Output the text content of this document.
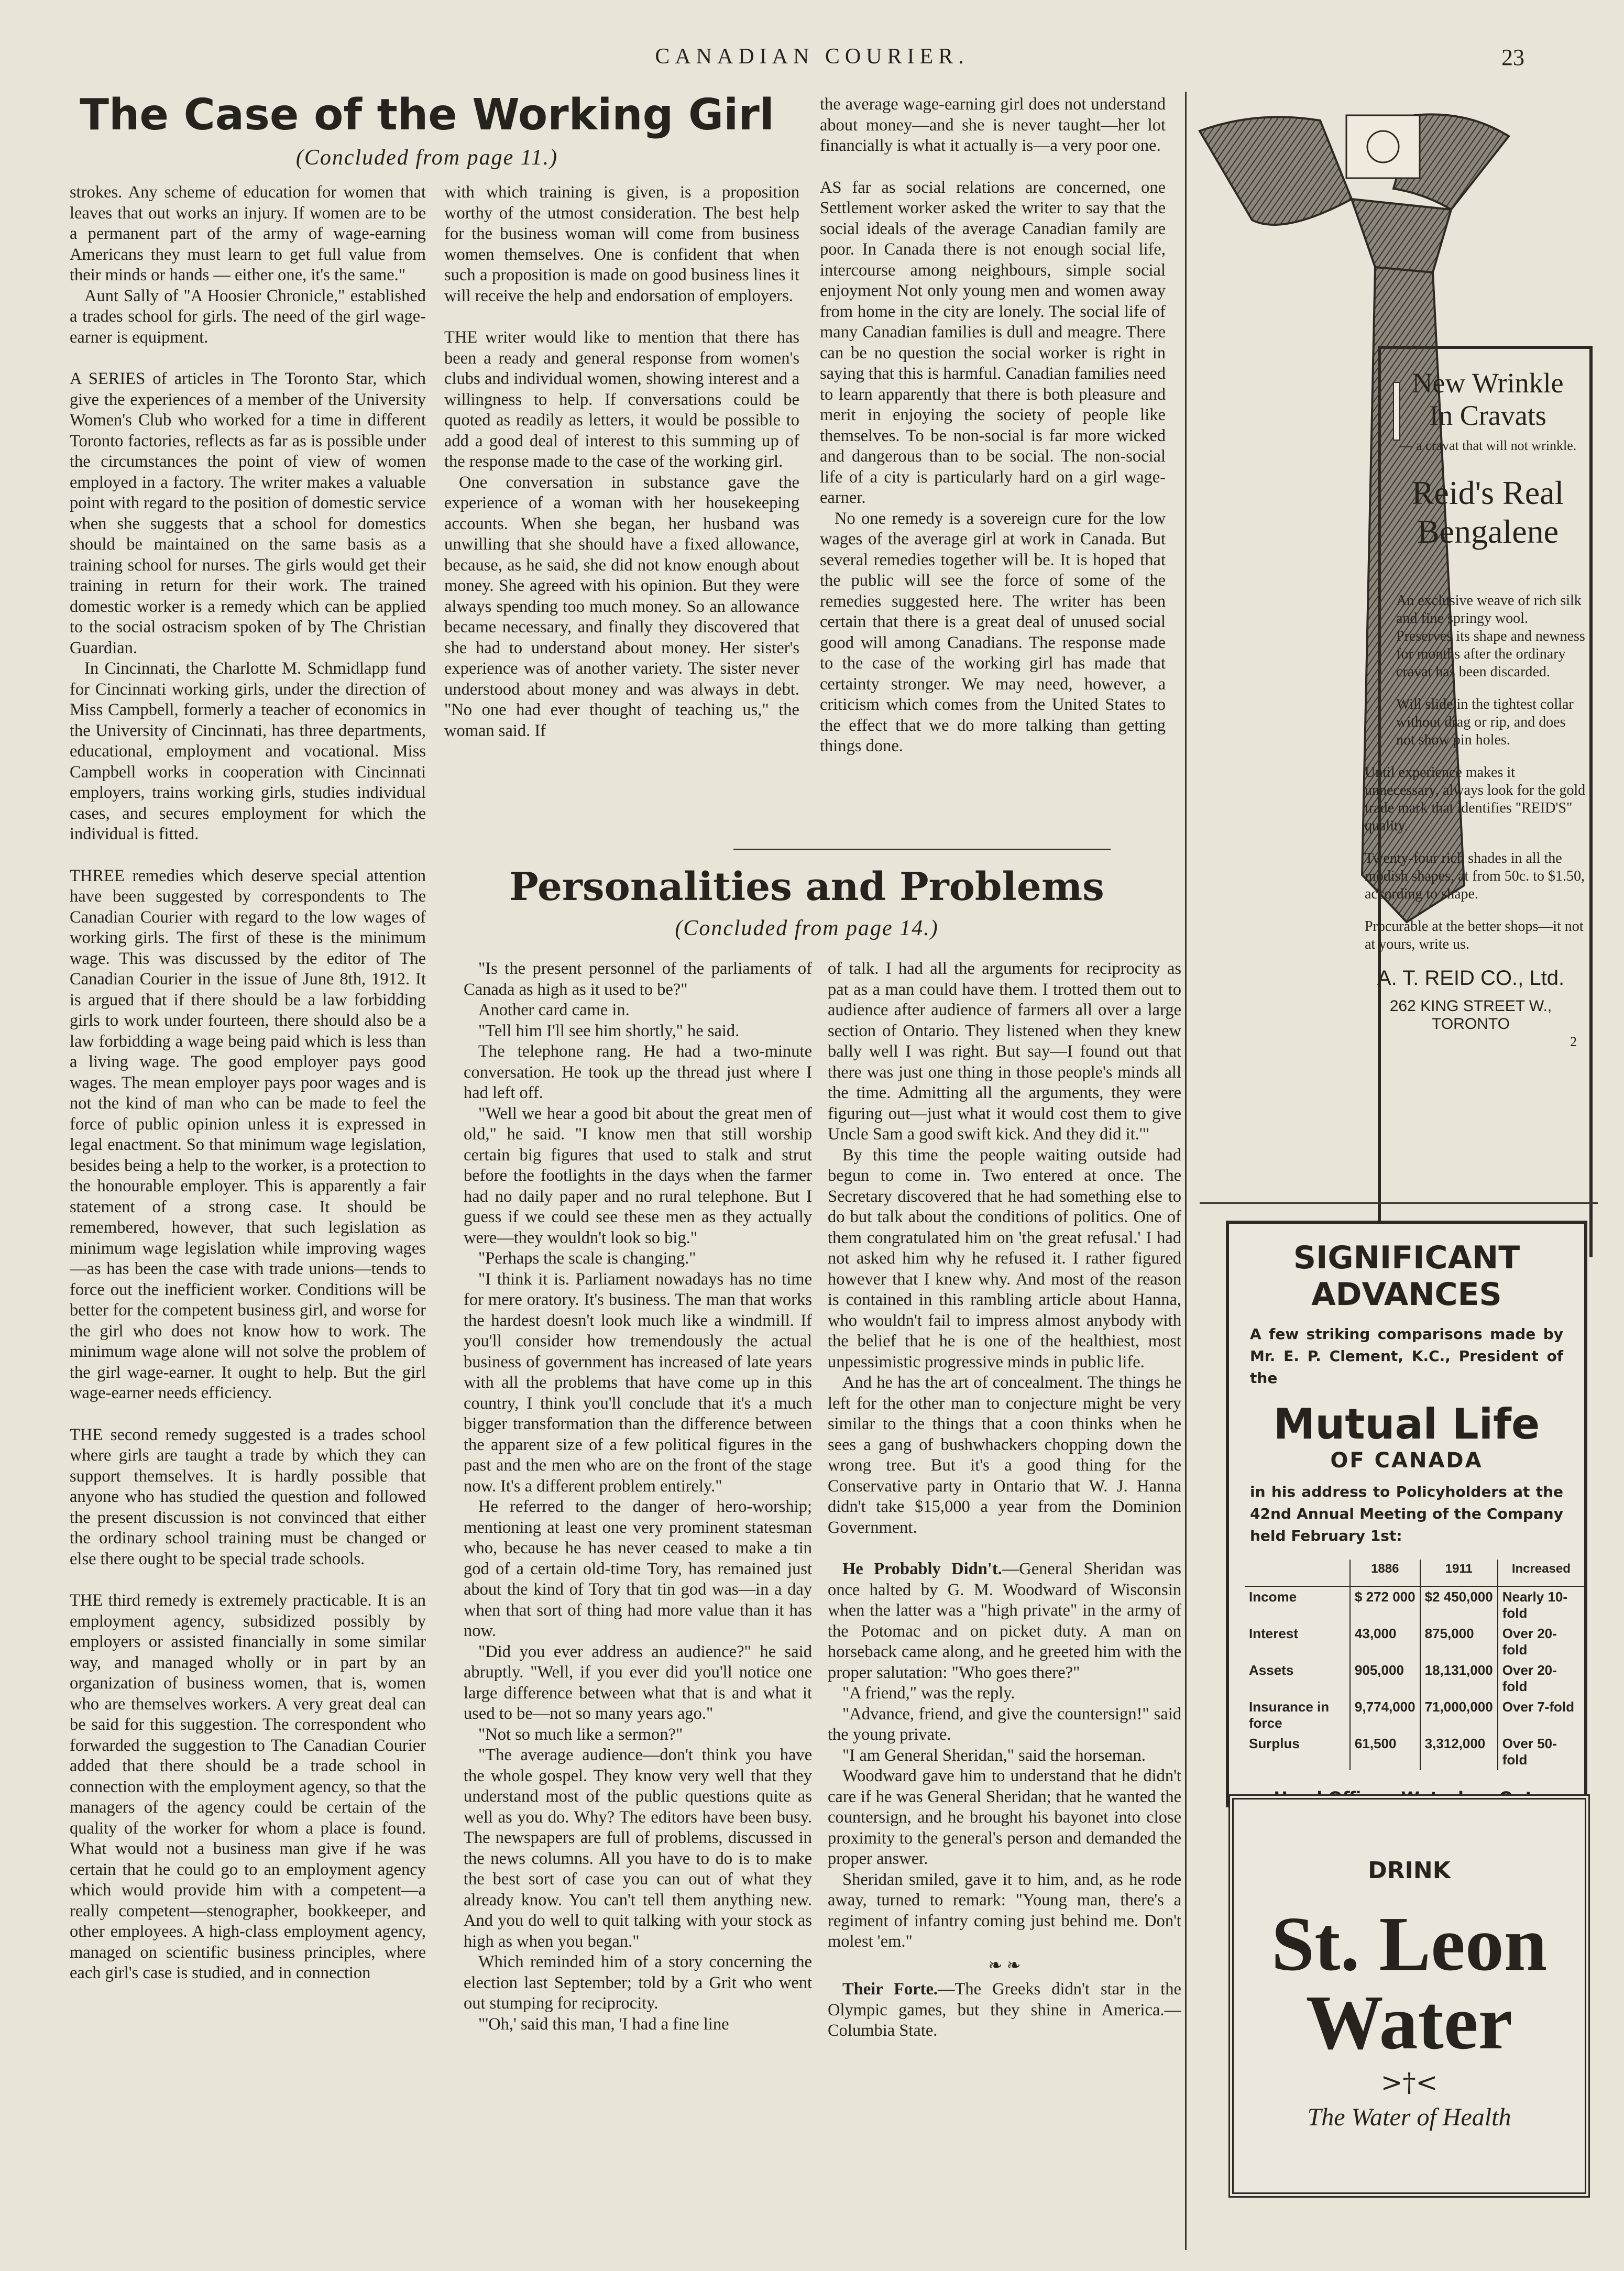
CANADIAN COURIER.	23
The Case of the Working Girl
(Concluded from page 11.)

strokes. Any scheme of education for women that leaves that out works an injury. If women are to be a permanent part of the army of wage-earning Americans they must learn to get full value from their minds or hands — either one, it's the same."

Aunt Sally of "A Hoosier Chronicle," established a trades school for girls. The need of the girl wage-earner is equipment.

A SERIES of articles in The Toronto Star, which give the experiences of a member of the University Women's Club who worked for a time in different Toronto factories, reflects as far as is possible under the circumstances the point of view of women employed in a factory. The writer makes a valuable point with regard to the position of domestic service when she suggests that a school for domestics should be maintained on the same basis as a training school for nurses. The girls would get their training in return for their work. The trained domestic worker is a remedy which can be applied to the social ostracism spoken of by The Christian Guardian.

In Cincinnati, the Charlotte M. Schmidlapp fund for Cincinnati working girls, under the direction of Miss Campbell, formerly a teacher of economics in the University of Cincinnati, has three departments, educational, employment and vocational. Miss Campbell works in cooperation with Cincinnati employers, trains working girls, studies individual cases, and secures employment for which the individual is fitted.

THREE remedies which deserve special attention have been suggested by correspondents to The Canadian Courier with regard to the low wages of working girls. The first of these is the minimum wage. This was discussed by the editor of The Canadian Courier in the issue of June 8th, 1912. It is argued that if there should be a law forbidding girls to work under fourteen, there should also be a law forbidding a wage being paid which is less than a living wage. The good employer pays good wages. The mean employer pays poor wages and is not the kind of man who can be made to feel the force of public opinion unless it is expressed in legal enactment. So that minimum wage legislation, besides being a help to the worker, is a protection to the honourable employer. This is apparently a fair statement of a strong case. It should be remembered, however, that such legislation as minimum wage legislation while improving wages—as has been the case with trade unions—tends to force out the inefficient worker. Conditions will be better for the competent business girl, and worse for the girl who does not know how to work. The minimum wage alone will not solve the problem of the girl wage-earner. It ought to help. But the girl wage-earner needs efficiency.

THE second remedy suggested is a trades school where girls are taught a trade by which they can support themselves. It is hardly possible that anyone who has studied the question and followed the present discussion is not convinced that either the ordinary school training must be changed or else there ought to be special trade schools.

THE third remedy is extremely practicable. It is an employment agency, subsidized possibly by employers or assisted financially in some similar way, and managed wholly or in part by an organization of business women, that is, women who are themselves workers. A very great deal can be said for this suggestion. The correspondent who forwarded the suggestion to The Canadian Courier added that there should be a trade school in connection with the employment agency, so that the managers of the agency could be certain of the quality of the worker for whom a place is found. What would not a business man give if he was certain that he could go to an employment agency which would provide him with a competent—a really competent—stenographer, bookkeeper, and other employees. A high-class employment agency, managed on scientific business principles, where each girl's case is studied, and in connection

with which training is given, is a proposition worthy of the utmost consideration. The best help for the business woman will come from business women themselves. One is confident that when such a proposition is made on good business lines it will receive the help and endorsation of employers.

THE writer would like to mention that there has been a ready and general response from women's clubs and individual women, showing interest and a willingness to help. If conversations could be quoted as readily as letters, it would be possible to add a good deal of interest to this summing up of the response made to the case of the working girl.

One conversation in substance gave the experience of a woman with her housekeeping accounts. When she began, her husband was unwilling that she should have a fixed allowance, because, as he said, she did not know enough about money. She agreed with his opinion. But they were always spending too much money. So an allowance became necessary, and finally they discovered that she had to understand about money. Her sister's experience was of another variety. The sister never understood about money and was always in debt. "No one had ever thought of teaching us," the woman said. If

the average wage-earning girl does not understand about money—and she is never taught—her lot financially is what it actually is—a very poor one.

AS far as social relations are concerned, one Settlement worker asked the writer to say that the social ideals of the average Canadian family are poor. In Canada there is not enough social life, intercourse among neighbours, simple social enjoyment Not only young men and women away from home in the city are lonely. The social life of many Canadian families is dull and meagre. There can be no question the social worker is right in saying that this is harmful. Canadian families need to learn apparently that there is both pleasure and merit in enjoying the society of people like themselves. To be non-social is far more wicked and dangerous than to be social. The non-social life of a city is particularly hard on a girl wage-earner.

No one remedy is a sovereign cure for the low wages of the average girl at work in Canada. But several remedies together will be. It is hoped that the public will see the force of some of the remedies suggested here. The writer has been certain that there is a great deal of unused social good will among Canadians. The response made to the case of the working girl has made that certainty stronger. We may need, however, a criticism which comes from the United States to the effect that we do more talking than getting things done.

Personalities and Problems
(Concluded from page 14.)

"Is the present personnel of the parliaments of Canada as high as it used to be?"

Another card came in.

"Tell him I'll see him shortly," he said.

The telephone rang. He had a two-minute conversation. He took up the thread just where I had left off.

"Well we hear a good bit about the great men of old," he said. "I know men that still worship certain big figures that used to stalk and strut before the footlights in the days when the farmer had no daily paper and no rural telephone. But I guess if we could see these men as they actually were—they wouldn't look so big."

"Perhaps the scale is changing."

"I think it is. Parliament nowadays has no time for mere oratory. It's business. The man that works the hardest doesn't look much like a windmill. If you'll consider how tremendously the actual business of government has increased of late years with all the problems that have come up in this country, I think you'll conclude that it's a much bigger transformation than the difference between the apparent size of a few political figures in the past and the men who are on the front of the stage now. It's a different problem entirely."

He referred to the danger of hero-worship; mentioning at least one very prominent statesman who, because he has never ceased to make a tin god of a certain old-time Tory, has remained just about the kind of Tory that tin god was—in a day when that sort of thing had more value than it has now.

"Did you ever address an audience?" he said abruptly. "Well, if you ever did you'll notice one large difference between what that is and what it used to be—not so many years ago."

"Not so much like a sermon?"

"The average audience—don't think you have the whole gospel. They know very well that they understand most of the public questions quite as well as you do. Why? The editors have been busy. The newspapers are full of problems, discussed in the news columns. All you have to do is to make the best sort of case you can out of what they already know. You can't tell them anything new. And you do well to quit talking with your stock as high as when you began."

Which reminded him of a story concerning the election last September; told by a Grit who went out stumping for reciprocity.

"'Oh,' said this man, 'I had a fine line

of talk. I had all the arguments for reciprocity as pat as a man could have them. I trotted them out to audience after audience of farmers all over a large section of Ontario. They listened when they knew bally well I was right. But say—I found out that there was just one thing in those people's minds all the time. Admitting all the arguments, they were figuring out—just what it would cost them to give Uncle Sam a good swift kick. And they did it.'"

By this time the people waiting outside had begun to come in. Two entered at once. The Secretary discovered that he had something else to do but talk about the conditions of politics. One of them congratulated him on 'the great refusal.' I had not asked him why he refused it. I rather figured however that I knew why. And most of the reason is contained in this rambling article about Hanna, who wouldn't fail to impress almost anybody with the belief that he is one of the healthiest, most unpessimistic progressive minds in public life.

And he has the art of concealment. The things he left for the other man to conjecture might be very similar to the things that a coon thinks when he sees a gang of bushwhackers chopping down the wrong tree. But it's a good thing for the Conservative party in Ontario that W. J. Hanna didn't take $15,000 a year from the Dominion Government.

He Probably Didn't.—General Sheridan was once halted by G. M. Woodward of Wisconsin when the latter was a "high private" in the army of the Potomac and on picket duty. A man on horseback came along, and he greeted him with the proper salutation: "Who goes there?"

"A friend," was the reply.

"Advance, friend, and give the countersign!" said the young private.

"I am General Sheridan," said the horseman.

Woodward gave him to understand that he didn't care if he was General Sheridan; that he wanted the countersign, and he brought his bayonet into close proximity to the general's person and demanded the proper answer.

Sheridan smiled, gave it to him, and, as he rode away, turned to remark: "Young man, there's a regiment of infantry coming just behind me. Don't molest 'em."

❧ ❧

Their Forte.—The Greeks didn't star in the Olympic games, but they shine in America.—Columbia State.

New Wrinkle
In Cravats
— a cravat that will not wrinkle.
Reid's Real
Bengalene
An exclusive weave of rich silk and fine springy wool. Preserves its shape and newness for months after the ordinary cravat has been discarded.
Will slide in the tightest collar without drag or rip, and does not show pin holes.
Until experience makes it unnecessary, always look for the gold trade mark that identifies "REID'S" quality.
Twenty-four rich shades in all the modish shapes, at from 50c. to $1.50, according to shape.
Procurable at the better shops—it not at yours, write us.
A. T. REID CO., Ltd.
262 KING STREET W.,
TORONTO
2
SIGNIFICANT
ADVANCES
A few striking comparisons made by Mr. E. P. Clement, K.C., President of the
Mutual Life
OF CANADA
in his address to Policyholders at the 42nd Annual Meeting of the Company held February 1st:
	1886	1911	Increased
Income	$ 272 000	$2 450,000	Nearly 10-fold
Interest	43,000	875,000	Over 20-fold
Assets	905,000	18,131,000	Over 20-fold
Insurance in force	9,774,000	71,000,000	Over 7-fold
Surplus	61,500	3,312,000	Over 50-fold
DRINK
St. Leon
Water
>†<
The Water of Health
